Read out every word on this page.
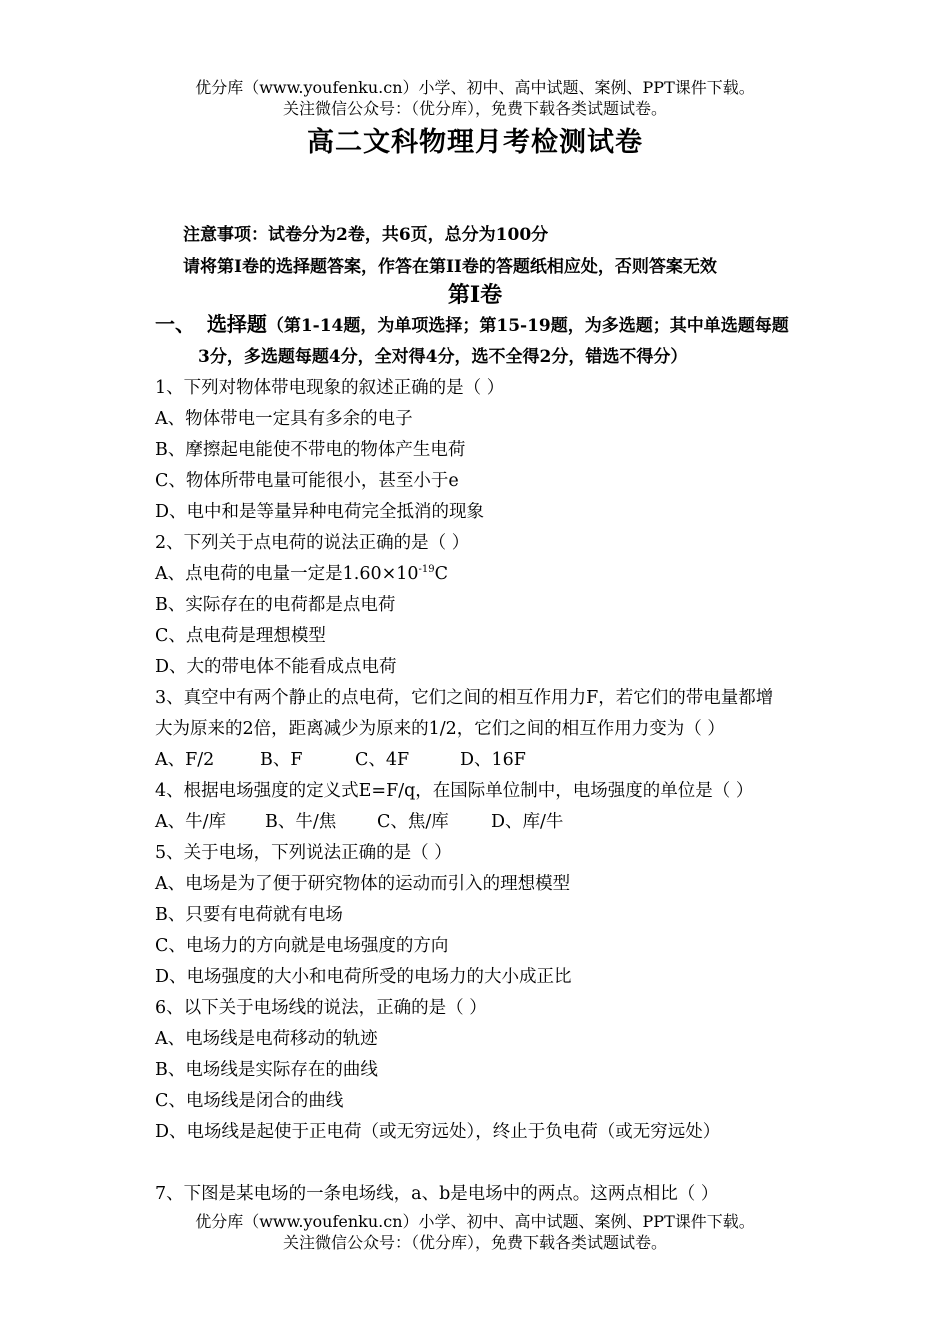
优分库（www.youfenku.cn）小学、初中、高中试题、案例、PPT课件下载。
关注微信公众号：（优分库），免费下载各类试题试卷。
高二文科物理月考检测试卷
注意事项：试卷分为2卷，共6页，总分为100分
请将第I卷的选择题答案，作答在第II卷的答题纸相应处，否则答案无效
第I卷
一、 选择题（第1-14题，为单项选择；第15-19题，为多选题；其中单选题每题
3分，多选题每题4分，全对得4分，选不全得2分，错选不得分）
1、下列对物体带电现象的叙述正确的是（ ）
A、物体带电一定具有多余的电子
B、摩擦起电能使不带电的物体产生电荷
C、物体所带电量可能很小，甚至小于e
D、电中和是等量异种电荷完全抵消的现象
2、下列关于点电荷的说法正确的是（ ）
A、点电荷的电量一定是$1.60\times 10^{-19}C$
B、实际存在的电荷都是点电荷
C、点电荷是理想模型
D、大的带电体不能看成点电荷
3、真空中有两个静止的点电荷，它们之间的相互作用力F，若它们的带电量都增
大为原来的2倍，距离减少为原来的1/2，它们之间的相互作用力变为（ ）
A、F/2	B、F	C、4F	D、16F
4、根据电场强度的定义式E=F/q，在国际单位制中，电场强度的单位是（ ）
A、牛/库 B、牛/焦 C、焦/库 D、库/牛
5、关于电场，下列说法正确的是（ ）
A、电场是为了便于研究物体的运动而引入的理想模型
B、只要有电荷就有电场
C、电场力的方向就是电场强度的方向
D、电场强度的大小和电荷所受的电场力的大小成正比
6、以下关于电场线的说法，正确的是（ ）
A、电场线是电荷移动的轨迹
B、电场线是实际存在的曲线
C、电场线是闭合的曲线
D、电场线是起使于正电荷（或无穷远处），终止于负电荷（或无穷远处）
7、下图是某电场的一条电场线，a、b是电场中的两点。这两点相比（ ）
优分库（www.youfenku.cn）小学、初中、高中试题、案例、PPT课件下载。
关注微信公众号：（优分库），免费下载各类试题试卷。
